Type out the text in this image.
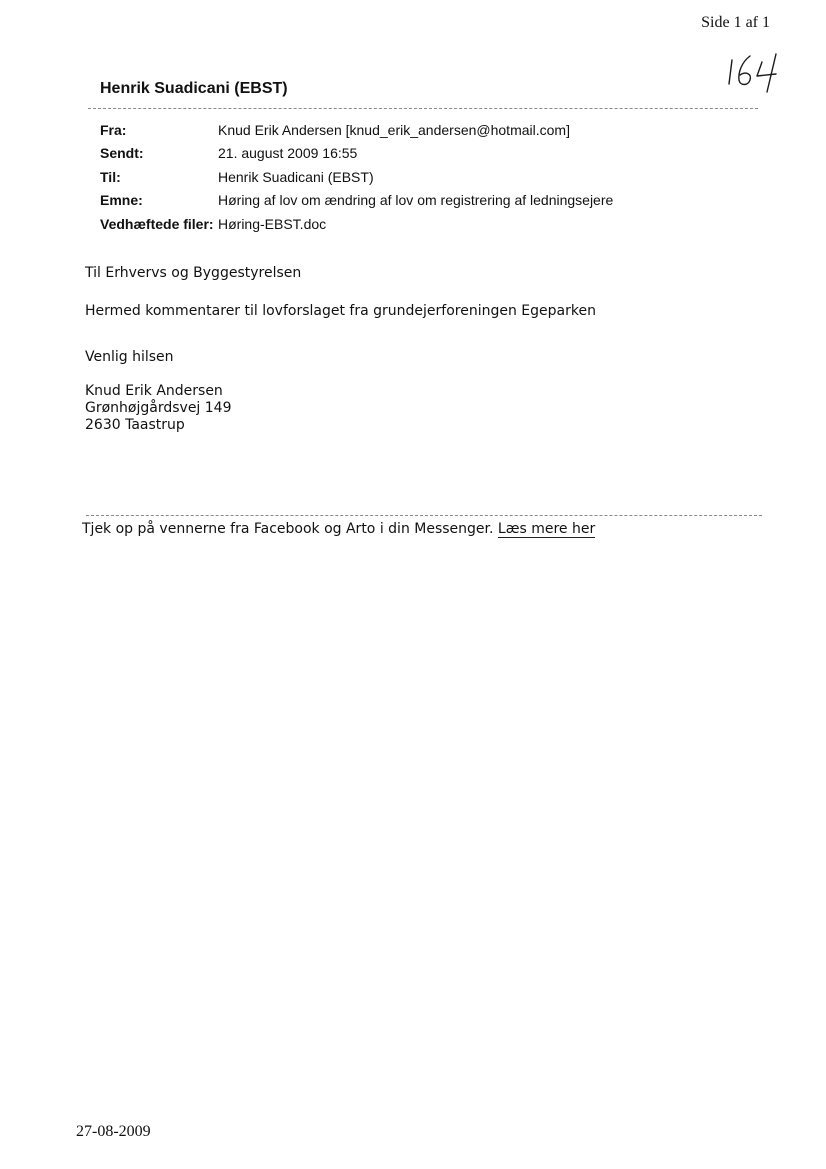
Side 1 af 1
Henrik Suadicani (EBST)
Fra:	Knud Erik Andersen [knud_erik_andersen@hotmail.com]
Sendt:	21. august 2009 16:55
Til:	Henrik Suadicani (EBST)
Emne:	Høring af lov om ændring af lov om registrering af ledningsejere
Vedhæftede filer: Høring-EBST.doc
Til Erhvervs og Byggestyrelsen
Hermed kommentarer til lovforslaget fra grundejerforeningen Egeparken
Venlig hilsen
Knud Erik Andersen
Grønhøjgårdsvej 149
2630 Taastrup
Tjek op på vennerne fra Facebook og Arto i din Messenger. Læs mere her
27-08-2009
